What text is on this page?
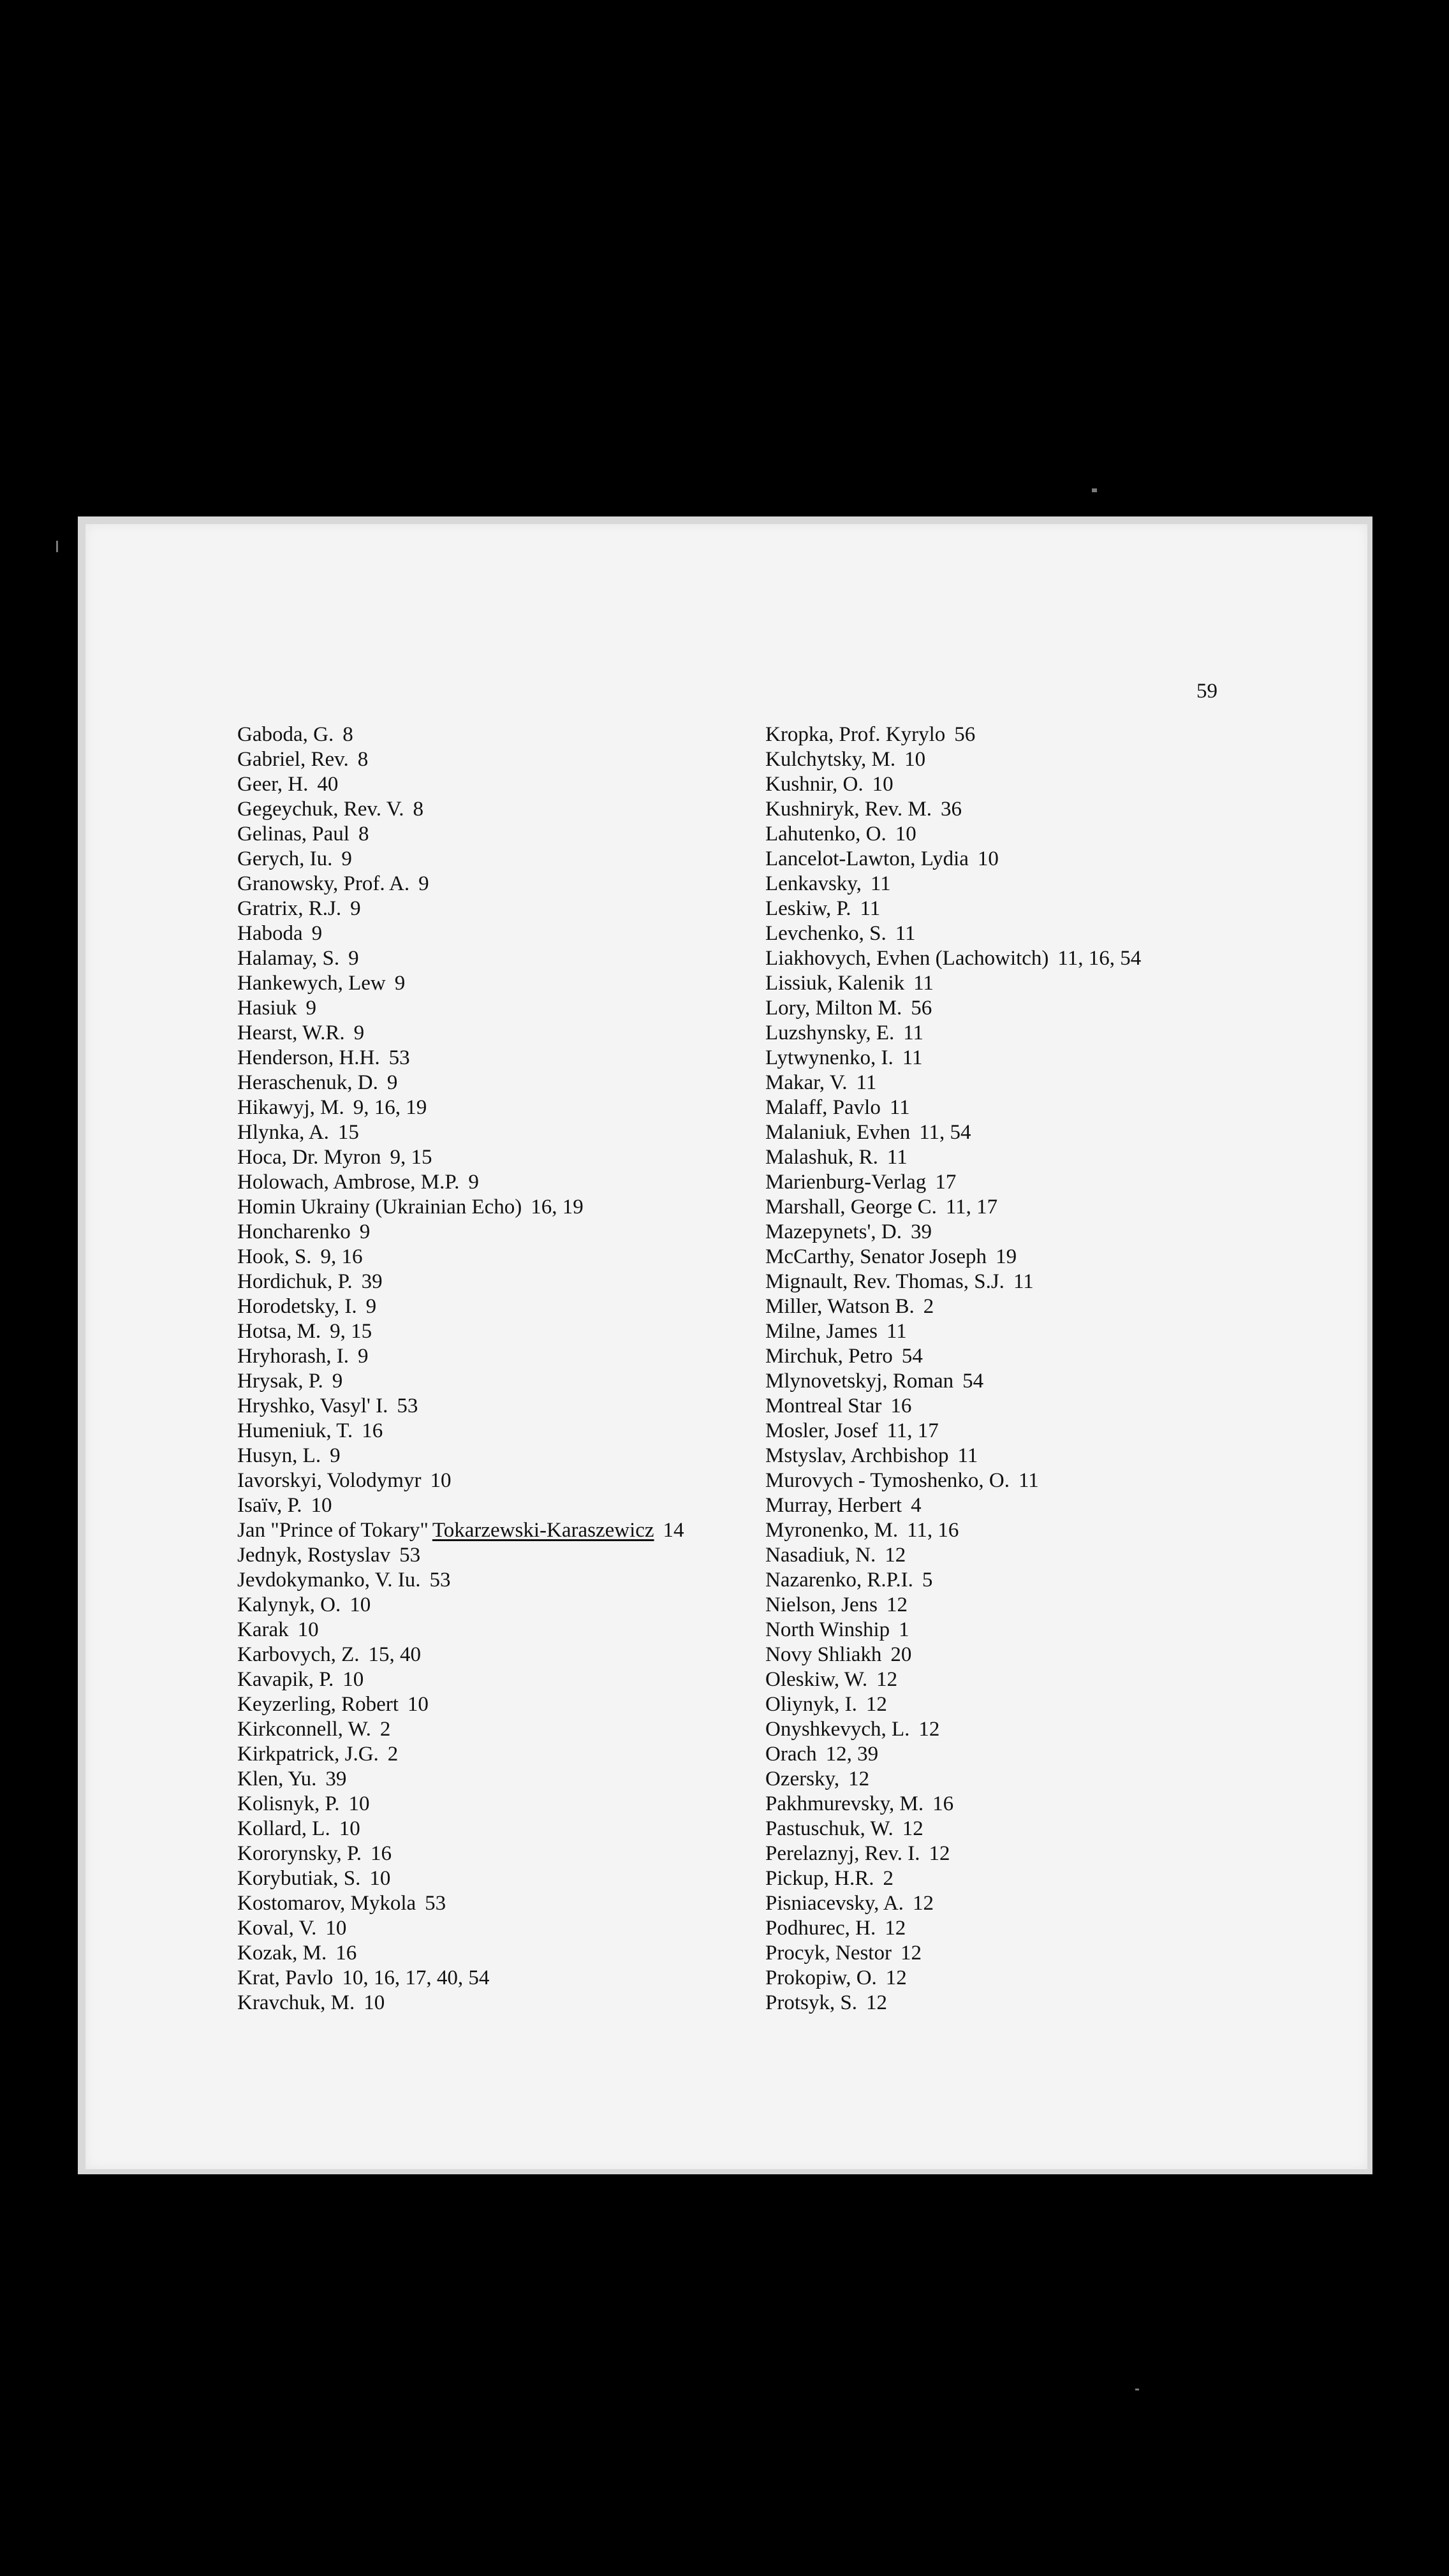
59
Gaboda, G. 8
Gabriel, Rev. 8
Geer, H. 40
Gegeychuk, Rev. V. 8
Gelinas, Paul 8
Gerych, Iu. 9
Granowsky, Prof. A. 9
Gratrix, R.J. 9
Haboda 9
Halamay, S. 9
Hankewych, Lew 9
Hasiuk 9
Hearst, W.R. 9
Henderson, H.H. 53
Heraschenuk, D. 9
Hikawyj, M. 9, 16, 19
Hlynka, A. 15
Hoca, Dr. Myron 9, 15
Holowach, Ambrose, M.P. 9
Homin Ukrainy (Ukrainian Echo) 16, 19
Honcharenko 9
Hook, S. 9, 16
Hordichuk, P. 39
Horodetsky, I. 9
Hotsa, M. 9, 15
Hryhorash, I. 9
Hrysak, P. 9
Hryshko, Vasyl' I. 53
Humeniuk, T. 16
Husyn, L. 9
Iavorskyi, Volodymyr 10
Isaïv, P. 10
Jan "Prince of Tokary" Tokarzewski-Karaszewicz 14
Jednyk, Rostyslav 53
Jevdokymanko, V. Iu. 53
Kalynyk, O. 10
Karak 10
Karbovych, Z. 15, 40
Kavapik, P. 10
Keyzerling, Robert 10
Kirkconnell, W. 2
Kirkpatrick, J.G. 2
Klen, Yu. 39
Kolisnyk, P. 10
Kollard, L. 10
Kororynsky, P. 16
Korybutiak, S. 10
Kostomarov, Mykola 53
Koval, V. 10
Kozak, M. 16
Krat, Pavlo 10, 16, 17, 40, 54
Kravchuk, M. 10
Kropka, Prof. Kyrylo 56
Kulchytsky, M. 10
Kushnir, O. 10
Kushniryk, Rev. M. 36
Lahutenko, O. 10
Lancelot-Lawton, Lydia 10
Lenkavsky, 11
Leskiw, P. 11
Levchenko, S. 11
Liakhovych, Evhen (Lachowitch) 11, 16, 54
Lissiuk, Kalenik 11
Lory, Milton M. 56
Luzshynsky, E. 11
Lytwynenko, I. 11
Makar, V. 11
Malaff, Pavlo 11
Malaniuk, Evhen 11, 54
Malashuk, R. 11
Marienburg-Verlag 17
Marshall, George C. 11, 17
Mazepynets', D. 39
McCarthy, Senator Joseph 19
Mignault, Rev. Thomas, S.J. 11
Miller, Watson B. 2
Milne, James 11
Mirchuk, Petro 54
Mlynovetskyj, Roman 54
Montreal Star 16
Mosler, Josef 11, 17
Mstyslav, Archbishop 11
Murovych - Tymoshenko, O. 11
Murray, Herbert 4
Myronenko, M. 11, 16
Nasadiuk, N. 12
Nazarenko, R.P.I. 5
Nielson, Jens 12
North Winship 1
Novy Shliakh 20
Oleskiw, W. 12
Oliynyk, I. 12
Onyshkevych, L. 12
Orach 12, 39
Ozersky, 12
Pakhmurevsky, M. 16
Pastuschuk, W. 12
Perelaznyj, Rev. I. 12
Pickup, H.R. 2
Pisniacevsky, A. 12
Podhurec, H. 12
Procyk, Nestor 12
Prokopiw, O. 12
Protsyk, S. 12
